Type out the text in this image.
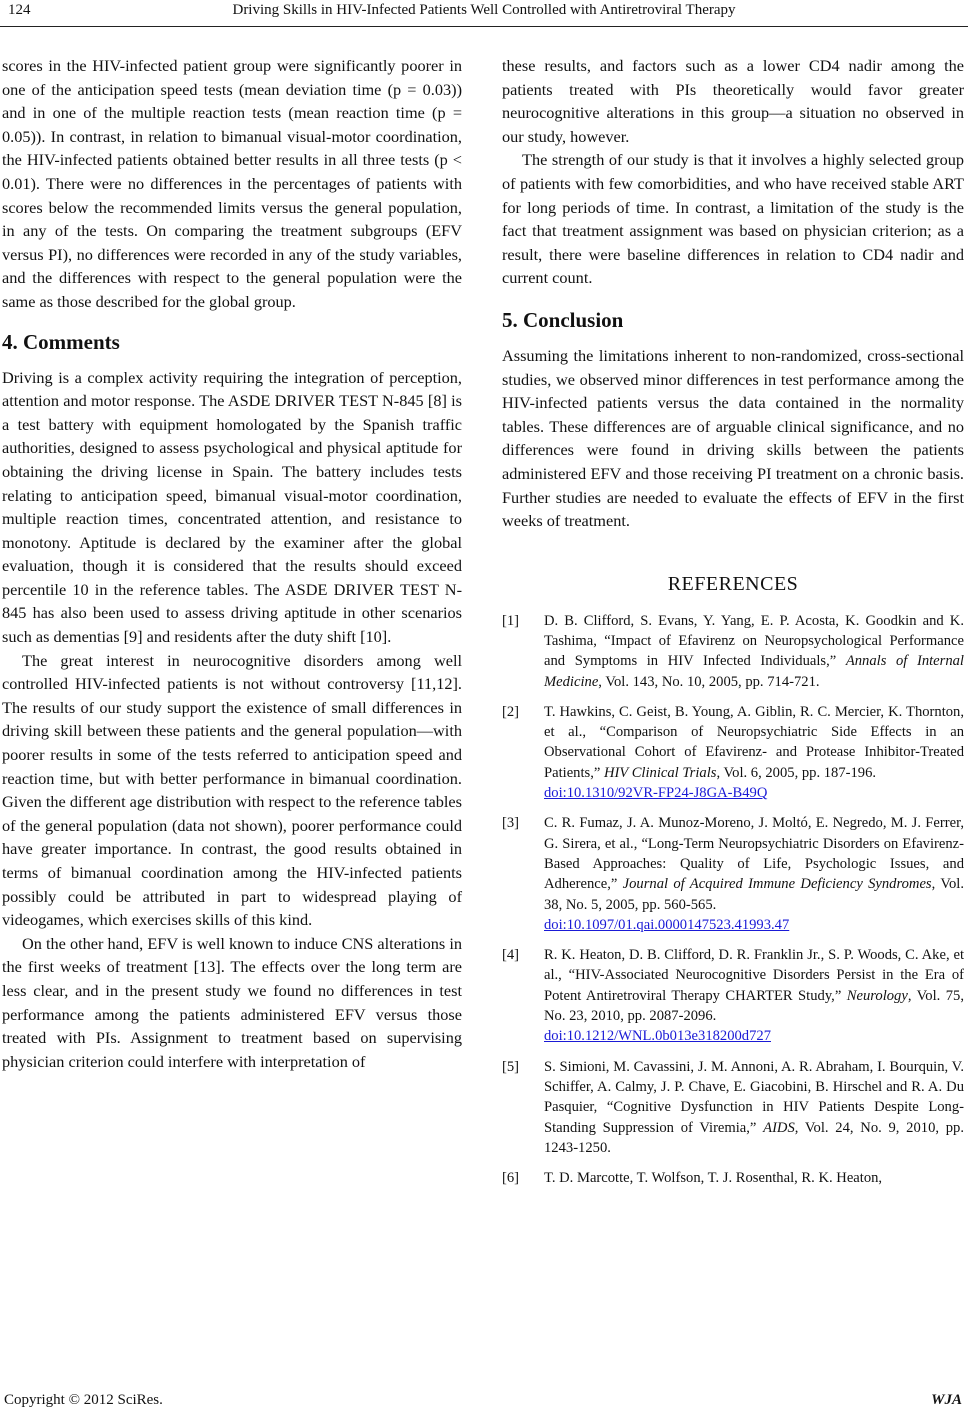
124	Driving Skills in HIV-Infected Patients Well Controlled with Antiretroviral Therapy

scores in the HIV-infected patient group were significantly poorer in one of the anticipation speed tests (mean deviation time (p = 0.03)) and in one of the multiple reaction tests (mean reaction time (p = 0.05)). In contrast, in relation to bimanual visual-motor coordination, the HIV-infected patients obtained better results in all three tests (p < 0.01). There were no differences in the percentages of patients with scores below the recommended limits versus the general population, in any of the tests. On comparing the treatment subgroups (EFV versus PI), no differences were recorded in any of the study variables, and the differences with respect to the general population were the same as those described for the global group.

4. Comments

Driving is a complex activity requiring the integration of perception, attention and motor response. The ASDE DRIVER TEST N-845 [8] is a test battery with equipment homologated by the Spanish traffic authorities, designed to assess psychological and physical aptitude for obtaining the driving license in Spain. The battery includes tests relating to anticipation speed, bimanual visual-motor coordination, multiple reaction times, concentrated attention, and resistance to monotony. Aptitude is declared by the examiner after the global evaluation, though it is considered that the results should exceed percentile 10 in the reference tables. The ASDE DRIVER TEST N-845 has also been used to assess driving aptitude in other scenarios such as dementias [9] and residents after the duty shift [10].

The great interest in neurocognitive disorders among well controlled HIV-infected patients is not without controversy [11,12]. The results of our study support the existence of small differences in driving skill between these patients and the general population—with poorer results in some of the tests referred to anticipation speed and reaction time, but with better performance in bimanual coordination. Given the different age distribution with respect to the reference tables of the general population (data not shown), poorer performance could have greater importance. In contrast, the good results obtained in terms of bimanual coordination among the HIV-infected patients possibly could be attributed in part to widespread playing of videogames, which exercises skills of this kind.

On the other hand, EFV is well known to induce CNS alterations in the first weeks of treatment [13]. The effects over the long term are less clear, and in the present study we found no differences in test performance among the patients administered EFV versus those treated with PIs. Assignment to treatment based on supervising physician criterion could interfere with interpretation of

these results, and factors such as a lower CD4 nadir among the patients treated with PIs theoretically would favor greater neurocognitive alterations in this group—a situation no observed in our study, however.

The strength of our study is that it involves a highly selected group of patients with few comorbidities, and who have received stable ART for long periods of time. In contrast, a limitation of the study is the fact that treatment assignment was based on physician criterion; as a result, there were baseline differences in relation to CD4 nadir and current count.

5. Conclusion

Assuming the limitations inherent to non-randomized, cross-sectional studies, we observed minor differences in test performance among the HIV-infected patients versus the data contained in the normality tables. These differences are of arguable clinical significance, and no differences were found in driving skills between the patients administered EFV and those receiving PI treatment on a chronic basis. Further studies are needed to evaluate the effects of EFV in the first weeks of treatment.

REFERENCES
[1]	D. B. Clifford, S. Evans, Y. Yang, E. P. Acosta, K. Goodkin and K. Tashima, “Impact of Efavirenz on Neuropsychological Performance and Symptoms in HIV Infected Individuals,” Annals of Internal Medicine, Vol. 143, No. 10, 2005, pp. 714-721.
[2]	T. Hawkins, C. Geist, B. Young, A. Giblin, R. C. Mercier, K. Thornton, et al., “Comparison of Neuropsychiatric Side Effects in an Observational Cohort of Efavirenz- and Protease Inhibitor-Treated Patients,” HIV Clinical Trials, Vol. 6, 2005, pp. 187-196.
doi:10.1310/92VR-FP24-J8GA-B49Q
[3]	C. R. Fumaz, J. A. Munoz-Moreno, J. Moltó, E. Negredo, M. J. Ferrer, G. Sirera, et al., “Long-Term Neuropsychiatric Disorders on Efavirenz-Based Approaches: Quality of Life, Psychologic Issues, and Adherence,” Journal of Acquired Immune Deficiency Syndromes, Vol. 38, No. 5, 2005, pp. 560-565.
doi:10.1097/01.qai.0000147523.41993.47
[4]	R. K. Heaton, D. B. Clifford, D. R. Franklin Jr., S. P. Woods, C. Ake, et al., “HIV-Associated Neurocognitive Disorders Persist in the Era of Potent Antiretroviral Therapy CHARTER Study,” Neurology, Vol. 75, No. 23, 2010, pp. 2087-2096.
doi:10.1212/WNL.0b013e318200d727
[5]	S. Simioni, M. Cavassini, J. M. Annoni, A. R. Abraham, I. Bourquin, V. Schiffer, A. Calmy, J. P. Chave, E. Giacobini, B. Hirschel and R. A. Du Pasquier, “Cognitive Dysfunction in HIV Patients Despite Long-Standing Suppression of Viremia,” AIDS, Vol. 24, No. 9, 2010, pp. 1243-1250.
[6]	T. D. Marcotte, T. Wolfson, T. J. Rosenthal, R. K. Heaton,
Copyright © 2012 SciRes.	WJA
